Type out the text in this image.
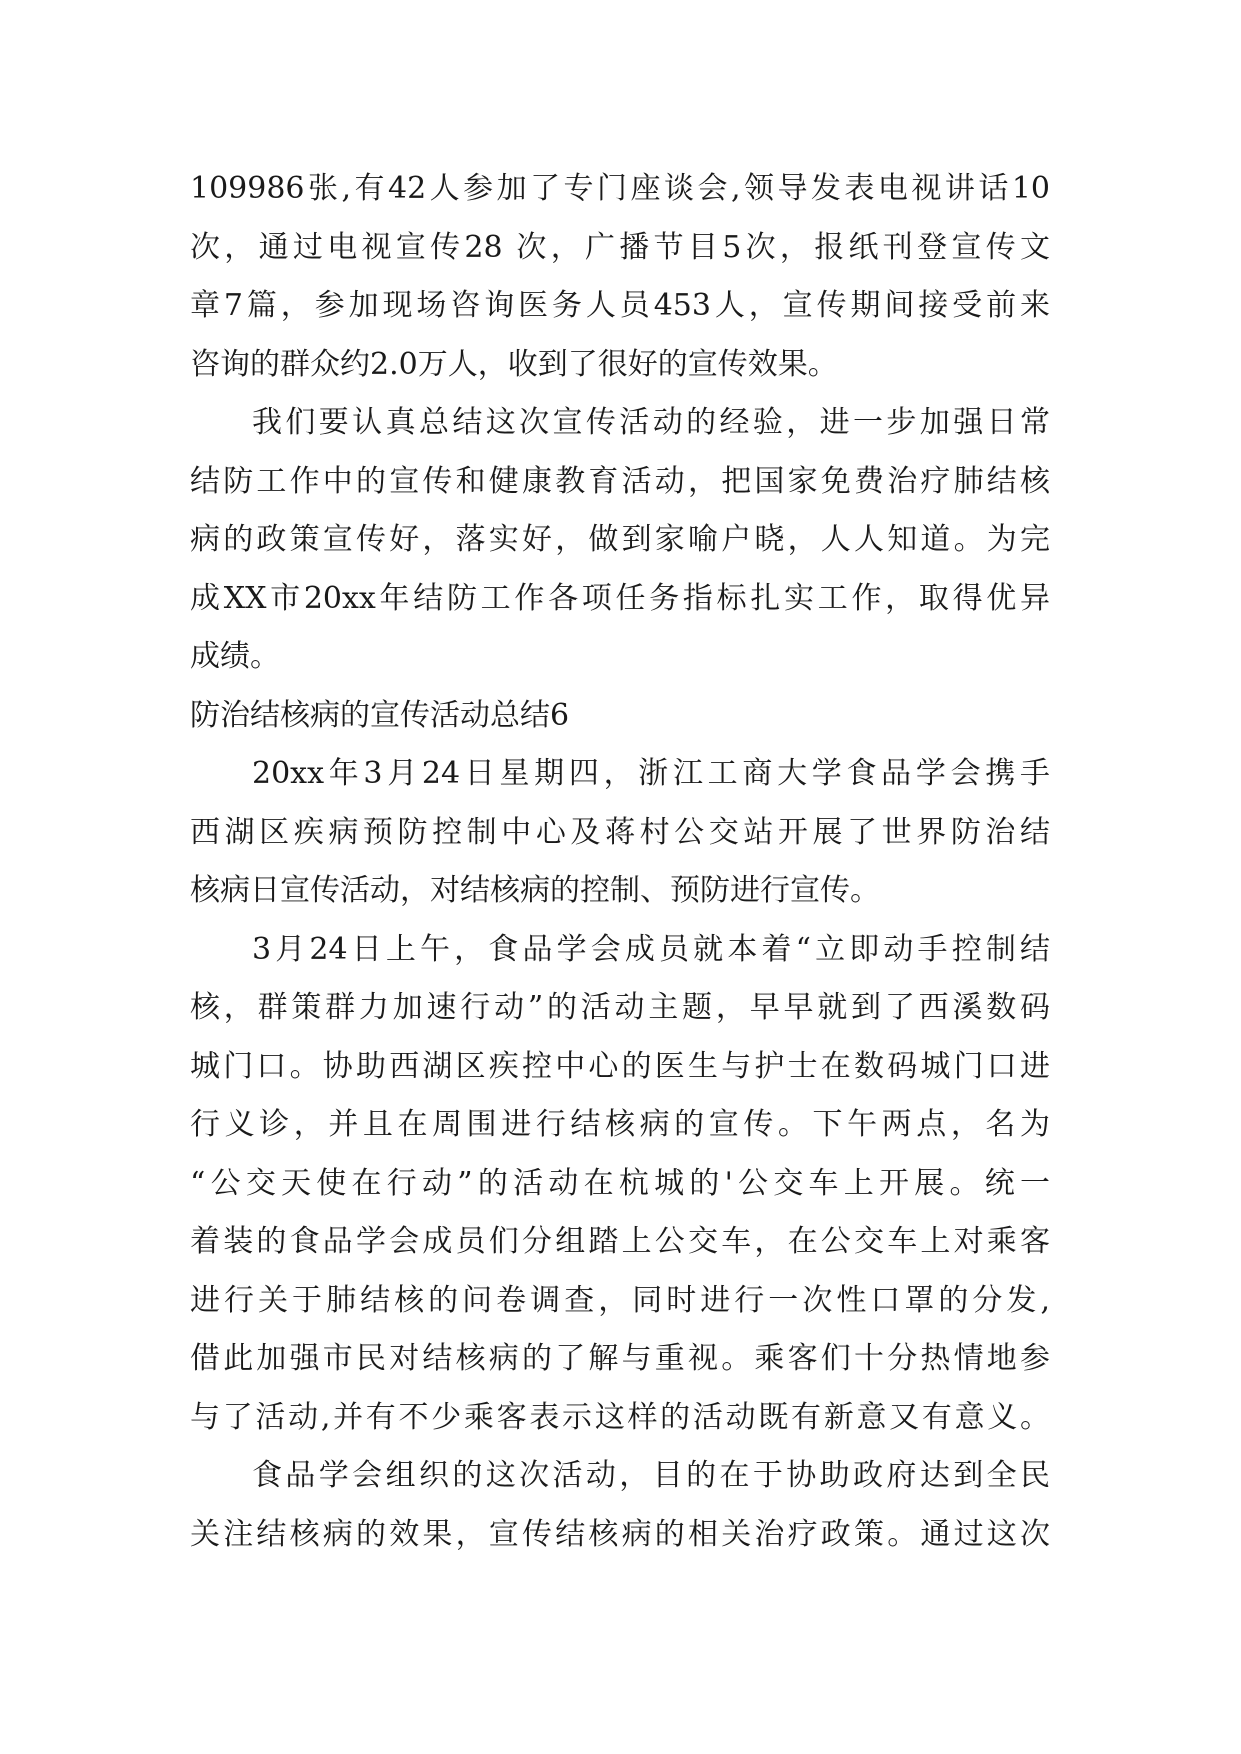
109986张,有42人参加了专门座谈会,领导发表电视讲话10
次，通过电视宣传28 次，广播节目5次，报纸刊登宣传文
章7篇，参加现场咨询医务人员453人，宣传期间接受前来
咨询的群众约2.0万人，收到了很好的宣传效果。
我们要认真总结这次宣传活动的经验，进一步加强日常
结防工作中的宣传和健康教育活动，把国家免费治疗肺结核
病的政策宣传好，落实好，做到家喻户晓，人人知道。为完
成XX市20xx年结防工作各项任务指标扎实工作，取得优异
成绩。
防治结核病的宣传活动总结6
20xx年3月24日星期四，浙江工商大学食品学会携手
西湖区疾病预防控制中心及蒋村公交站开展了世界防治结
核病日宣传活动，对结核病的控制、预防进行宣传。
3月24日上午，食品学会成员就本着“立即动手控制结
核，群策群力加速行动”的活动主题，早早就到了西溪数码
城门口。协助西湖区疾控中心的医生与护士在数码城门口进
行义诊，并且在周围进行结核病的宣传。下午两点，名为
“公交天使在行动”的活动在杭城的'公交车上开展。统一
着装的食品学会成员们分组踏上公交车，在公交车上对乘客
进行关于肺结核的问卷调查，同时进行一次性口罩的分发,
借此加强市民对结核病的了解与重视。乘客们十分热情地参
与了活动,并有不少乘客表示这样的活动既有新意又有意义。
食品学会组织的这次活动，目的在于协助政府达到全民
关注结核病的效果，宣传结核病的相关治疗政策。通过这次
